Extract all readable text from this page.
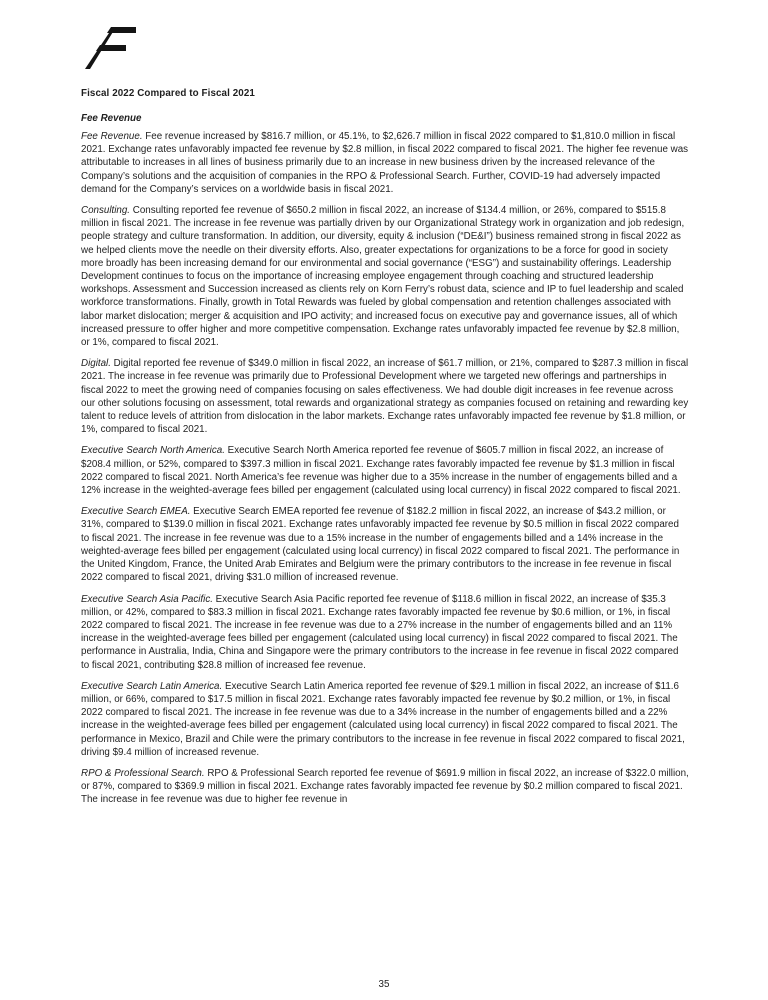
Fiscal 2022 Compared to Fiscal 2021
Fee Revenue

Fee Revenue. Fee revenue increased by $816.7 million, or 45.1%, to $2,626.7 million in fiscal 2022 compared to $1,810.0 million in fiscal 2021. Exchange rates unfavorably impacted fee revenue by $2.8 million, in fiscal 2022 compared to fiscal 2021. The higher fee revenue was attributable to increases in all lines of business primarily due to an increase in new business driven by the increased relevance of the Company’s solutions and the acquisition of companies in the RPO & Professional Search. Further, COVID-19 had adversely impacted demand for the Company’s services on a worldwide basis in fiscal 2021.

Consulting. Consulting reported fee revenue of $650.2 million in fiscal 2022, an increase of $134.4 million, or 26%, compared to $515.8 million in fiscal 2021. The increase in fee revenue was partially driven by our Organizational Strategy work in organization and job redesign, people strategy and culture transformation. In addition, our diversity, equity & inclusion (“DE&I”) business remained strong in fiscal 2022 as we helped clients move the needle on their diversity efforts. Also, greater expectations for organizations to be a force for good in society more broadly has been increasing demand for our environmental and social governance (“ESG”) and sustainability offerings. Leadership Development continues to focus on the importance of increasing employee engagement through coaching and structured leadership workshops. Assessment and Succession increased as clients rely on Korn Ferry’s robust data, science and IP to fuel leadership and scaled workforce transformations. Finally, growth in Total Rewards was fueled by global compensation and retention challenges associated with labor market dislocation; merger & acquisition and IPO activity; and increased focus on executive pay and governance issues, all of which increased pressure to offer higher and more competitive compensation. Exchange rates unfavorably impacted fee revenue by $2.8 million, or 1%, compared to fiscal 2021.

Digital. Digital reported fee revenue of $349.0 million in fiscal 2022, an increase of $61.7 million, or 21%, compared to $287.3 million in fiscal 2021. The increase in fee revenue was primarily due to Professional Development where we targeted new offerings and partnerships in fiscal 2022 to meet the growing need of companies focusing on sales effectiveness. We had double digit increases in fee revenue across our other solutions focusing on assessment, total rewards and organizational strategy as companies focused on retaining and rewarding key talent to reduce levels of attrition from dislocation in the labor markets. Exchange rates unfavorably impacted fee revenue by $1.8 million, or 1%, compared to fiscal 2021.

Executive Search North America. Executive Search North America reported fee revenue of $605.7 million in fiscal 2022, an increase of $208.4 million, or 52%, compared to $397.3 million in fiscal 2021. Exchange rates favorably impacted fee revenue by $1.3 million in fiscal 2022 compared to fiscal 2021. North America’s fee revenue was higher due to a 35% increase in the number of engagements billed and a 12% increase in the weighted-average fees billed per engagement (calculated using local currency) in fiscal 2022 compared to fiscal 2021.

Executive Search EMEA. Executive Search EMEA reported fee revenue of $182.2 million in fiscal 2022, an increase of $43.2 million, or 31%, compared to $139.0 million in fiscal 2021. Exchange rates unfavorably impacted fee revenue by $0.5 million in fiscal 2022 compared to fiscal 2021. The increase in fee revenue was due to a 15% increase in the number of engagements billed and a 14% increase in the weighted-average fees billed per engagement (calculated using local currency) in fiscal 2022 compared to fiscal 2021. The performance in the United Kingdom, France, the United Arab Emirates and Belgium were the primary contributors to the increase in fee revenue in fiscal 2022 compared to fiscal 2021, driving $31.0 million of increased revenue.

Executive Search Asia Pacific. Executive Search Asia Pacific reported fee revenue of $118.6 million in fiscal 2022, an increase of $35.3 million, or 42%, compared to $83.3 million in fiscal 2021. Exchange rates favorably impacted fee revenue by $0.6 million, or 1%, in fiscal 2022 compared to fiscal 2021. The increase in fee revenue was due to a 27% increase in the number of engagements billed and an 11% increase in the weighted-average fees billed per engagement (calculated using local currency) in fiscal 2022 compared to fiscal 2021. The performance in Australia, India, China and Singapore were the primary contributors to the increase in fee revenue in fiscal 2022 compared to fiscal 2021, contributing $28.8 million of increased fee revenue.

Executive Search Latin America. Executive Search Latin America reported fee revenue of $29.1 million in fiscal 2022, an increase of $11.6 million, or 66%, compared to $17.5 million in fiscal 2021. Exchange rates favorably impacted fee revenue by $0.2 million, or 1%, in fiscal 2022 compared to fiscal 2021. The increase in fee revenue was due to a 34% increase in the number of engagements billed and a 22% increase in the weighted-average fees billed per engagement (calculated using local currency) in fiscal 2022 compared to fiscal 2021. The performance in Mexico, Brazil and Chile were the primary contributors to the increase in fee revenue in fiscal 2022 compared to fiscal 2021, driving $9.4 million of increased revenue.

RPO & Professional Search. RPO & Professional Search reported fee revenue of $691.9 million in fiscal 2022, an increase of $322.0 million, or 87%, compared to $369.9 million in fiscal 2021. Exchange rates favorably impacted fee revenue by $0.2 million compared to fiscal 2021. The increase in fee revenue was due to higher fee revenue in

35
